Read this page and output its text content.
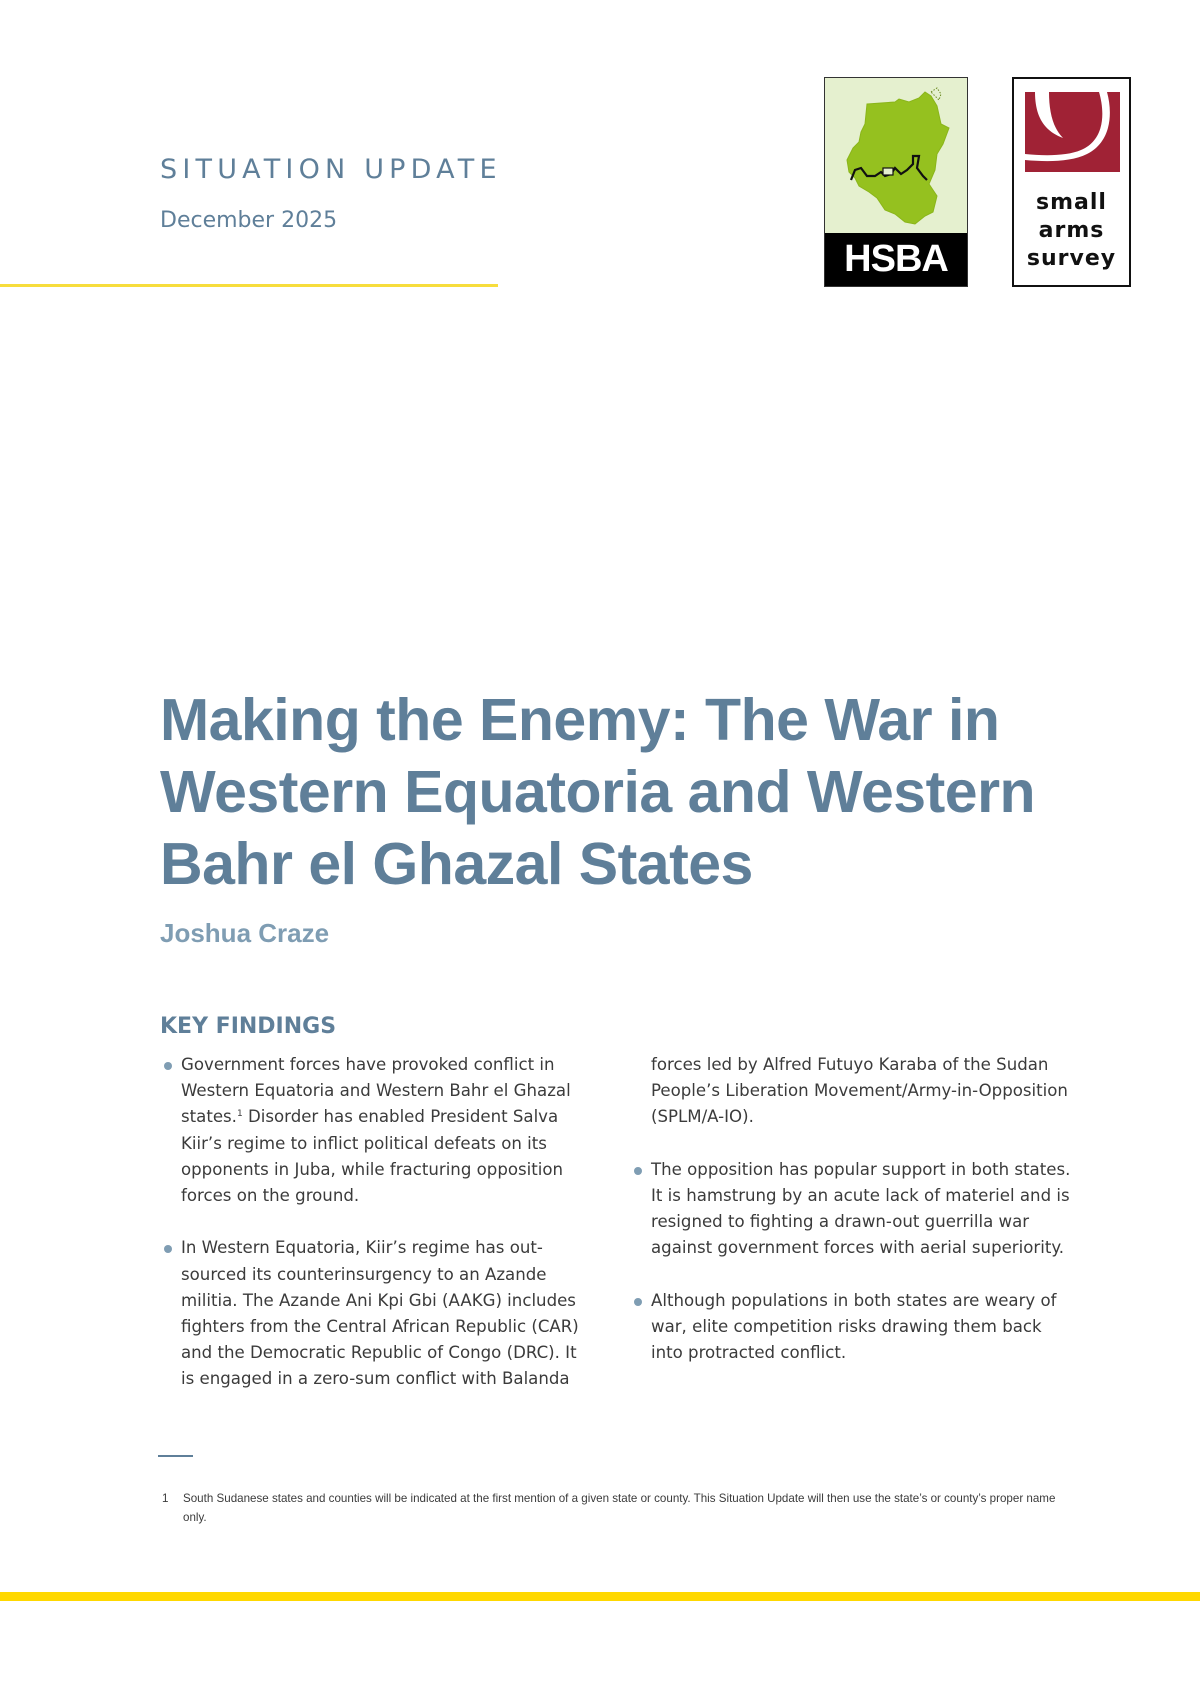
SITUATION UPDATE
December 2025
HSBA
small
arms
survey
Making the Enemy: The War in
Western Equatoria and Western
Bahr el Ghazal States
Joshua Craze
KEY FINDINGS
Government forces have provoked conflict in Western Equatoria and Western Bahr el Ghazal states.$^1$ Disorder has enabled President Salva Kiir’s regime to inflict political defeats on its opponents in Juba, while fracturing opposition forces on the ground.
In Western Equatoria, Kiir’s regime has out-sourced its counterinsurgency to an Azande militia. The Azande Ani Kpi Gbi (AAKG) includes fighters from the Central African Republic (CAR) and the Democratic Republic of Congo (DRC). It is engaged in a zero-sum conflict with Balanda
forces led by Alfred Futuyo Karaba of the Sudan People’s Liberation Movement/Army-in-Opposition (SPLM/A-IO).
The opposition has popular support in both states. It is hamstrung by an acute lack of materiel and is resigned to fighting a drawn-out guerrilla war against government forces with aerial superiority.
Although populations in both states are weary of war, elite competition risks drawing them back into protracted conflict.
1 South Sudanese states and counties will be indicated at the first mention of a given state or county. This Situation Update will then use the state’s or county’s proper name only.
